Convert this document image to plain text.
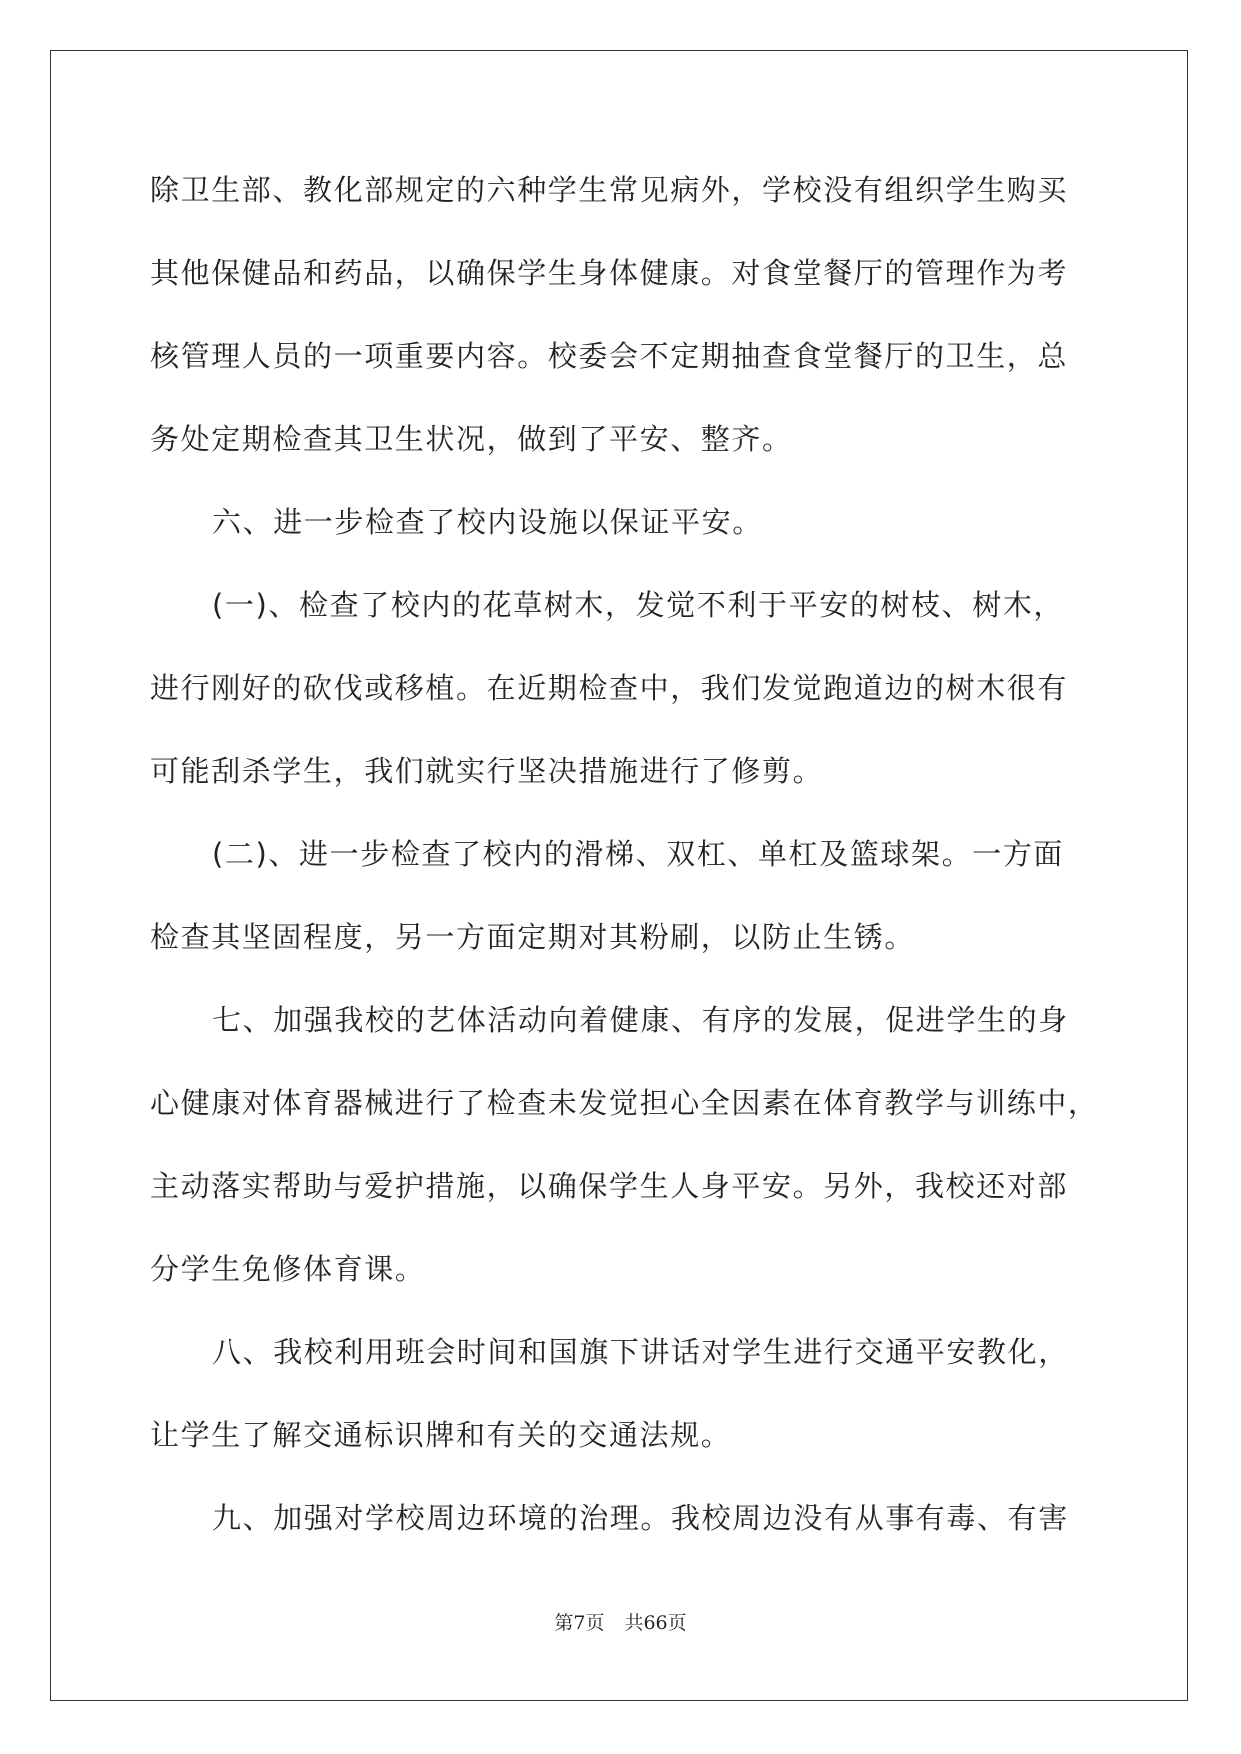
除卫生部、教化部规定的六种学生常见病外，学校没有组织学生购买
其他保健品和药品，以确保学生身体健康。对食堂餐厅的管理作为考
核管理人员的一项重要内容。校委会不定期抽查食堂餐厅的卫生，总
务处定期检查其卫生状况，做到了平安、整齐。
六、进一步检查了校内设施以保证平安。
(一)、检查了校内的花草树木，发觉不利于平安的树枝、树木，
进行刚好的砍伐或移植。在近期检查中，我们发觉跑道边的树木很有
可能刮杀学生，我们就实行坚决措施进行了修剪。
(二)、进一步检查了校内的滑梯、双杠、单杠及篮球架。一方面
检查其坚固程度，另一方面定期对其粉刷，以防止生锈。
七、加强我校的艺体活动向着健康、有序的发展，促进学生的身
心健康对体育器械进行了检查未发觉担心全因素在体育教学与训练中，
主动落实帮助与爱护措施，以确保学生人身平安。另外，我校还对部
分学生免修体育课。
八、我校利用班会时间和国旗下讲话对学生进行交通平安教化，
让学生了解交通标识牌和有关的交通法规。
九、加强对学校周边环境的治理。我校周边没有从事有毒、有害
第7页 共66页
